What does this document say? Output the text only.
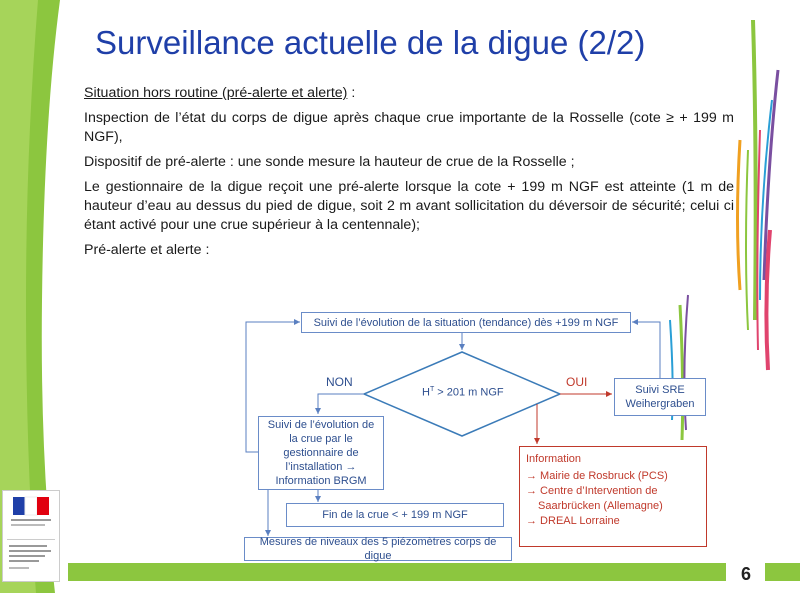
Surveillance actuelle de la digue (2/2)

Situation hors routine (pré-alerte et alerte) :

Inspection de l’état du corps de digue après chaque crue importante de la Rosselle (cote ≥ + 199 m NGF),

Dispositif de pré-alerte : une sonde mesure la hauteur de crue de la Rosselle ;

Le gestionnaire de la digue reçoit une pré-alerte lorsque la cote + 199 m NGF est atteinte (1 m de hauteur d’eau au dessus du pied de digue, soit 2 m avant sollicitation du déversoir de sécurité; celui ci étant activé pour une crue supérieur à la centennale);

Pré-alerte et alerte :

Suivi de l’évolution de la situation (tendance) dès +199 m NGF
$H^T > 201$ m NGF
NON	OUI
Suivi de l’évolution de la crue par le gestionnaire de l’installation → Information BRGM
Suivi SRE Weihergraben
Fin de la crue < + 199 m NGF
Mesures de niveaux des 5 piézomètres corps de digue
Information
→ Mairie de Rosbruck (PCS)
→ Centre d’Intervention de
Saarbrücken (Allemagne)
→ DREAL Lorraine
6
